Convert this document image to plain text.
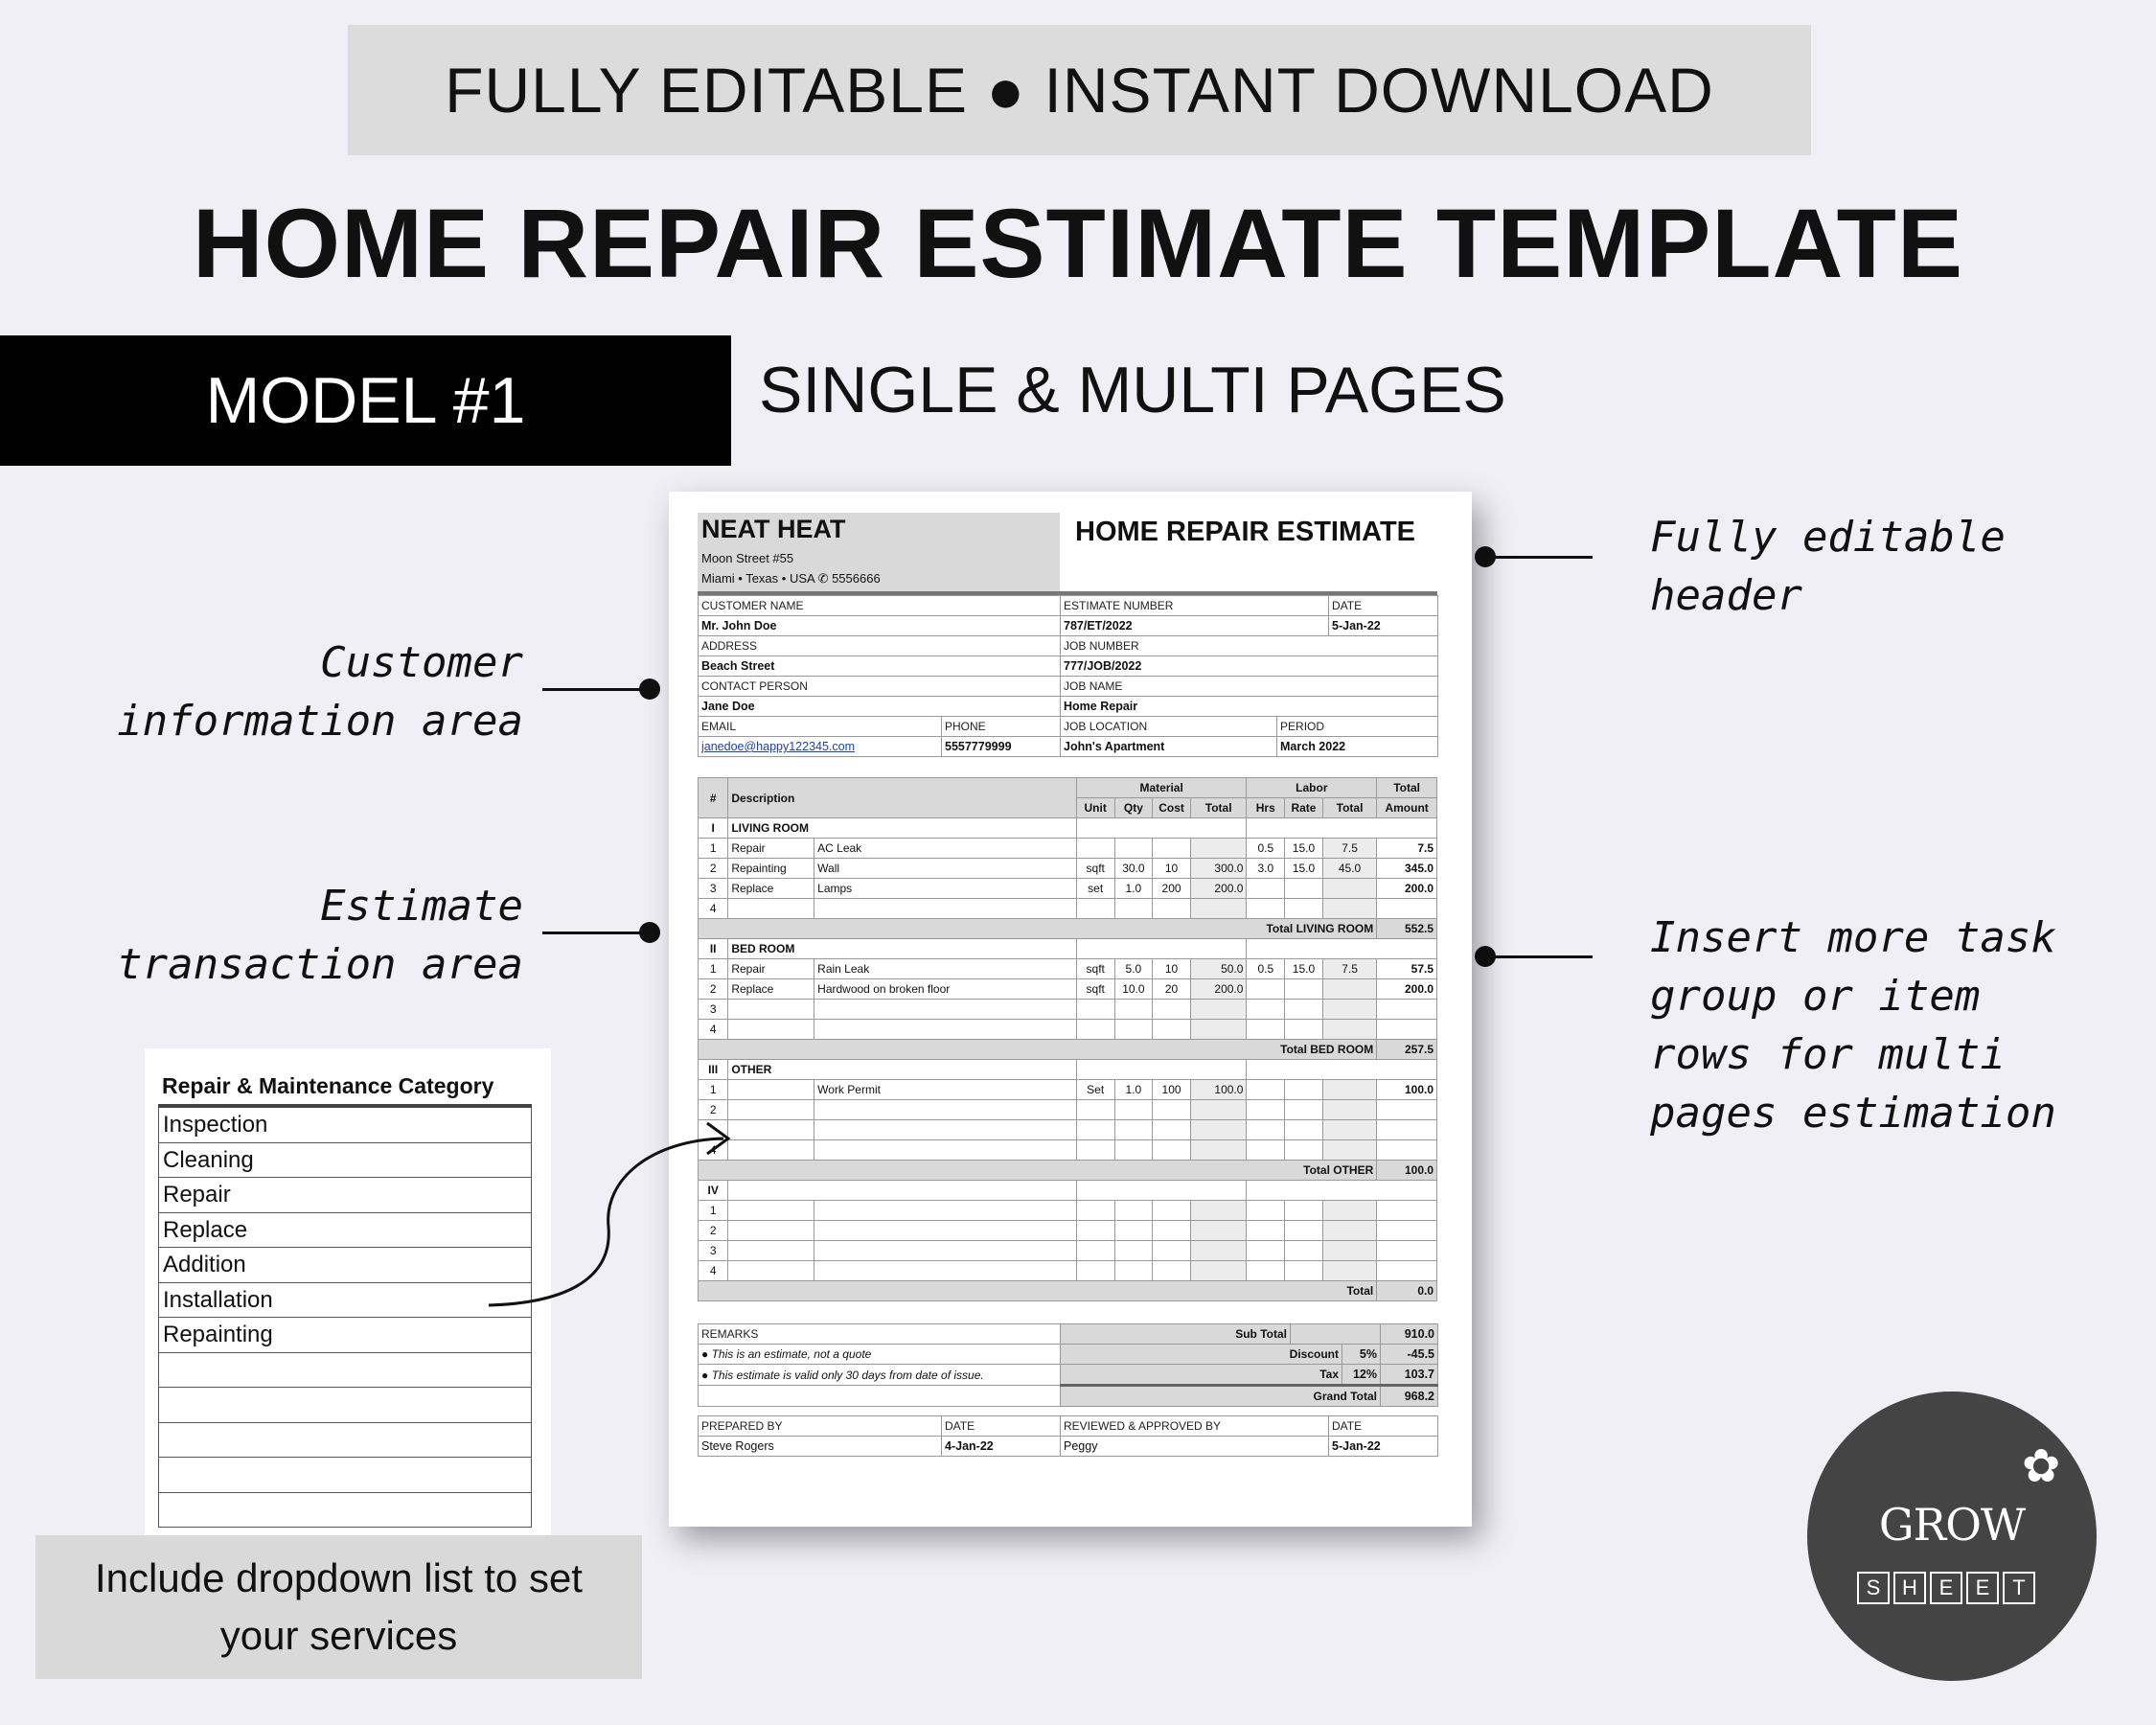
FULLY EDITABLE ● INSTANT DOWNLOAD
HOME REPAIR ESTIMATE TEMPLATE
MODEL #1	SINGLE & MULTI PAGES
Fully editable
header
Customer
information area
Estimate
transaction area
Insert more task
group or item
rows for multi
pages estimation
NEAT HEAT
Moon Street #55
Miami • Texas • USA ✆ 5556666
HOME REPAIR ESTIMATE
CUSTOMER NAME		ESTIMATE NUMBER		DATE
Mr. John Doe		787/ET/2022		5-Jan-22
ADDRESS		JOB NUMBER		
Beach Street		777/JOB/2022		
CONTACT PERSON		JOB NAME		
Jane Doe		Home Repair		
EMAIL	PHONE	JOB LOCATION	PERIOD	
janedoe@happy122345.com	5557779999	John's Apartment	March 2022	
#	Description		Material				Labor			Total
			Unit	Qty	Cost	Total	Hrs	Rate	Total	Amount
I	LIVING ROOM									
1	Repair	AC Leak					0.5	15.0	7.5	7.5
2	Repainting	Wall	sqft	30.0	10	300.0	3.0	15.0	45.0	345.0
3	Replace	Lamps	set	1.0	200	200.0				200.0
4										
Total LIVING ROOM										552.5
II	BED ROOM									
1	Repair	Rain Leak	sqft	5.0	10	50.0	0.5	15.0	7.5	57.5
2	Replace	Hardwood on broken floor	sqft	10.0	20	200.0				200.0
3										
4										
Total BED ROOM										257.5
III	OTHER									
1		Work Permit	Set	1.0	100	100.0				100.0
2										

4										
Total OTHER										100.0
IV										
1										
2										
3										
4										
Total										0.0
REMARKS	Sub Total			910.0
● This is an estimate, not a quote	Discount		5%	-45.5
● This estimate is valid only 30 days from date of issue.	Tax		12%	103.7
	Grand Total			968.2
PREPARED BY	DATE	REVIEWED & APPROVED BY	DATE
Steve Rogers	4-Jan-22	Peggy	5-Jan-22
Repair & Maintenance Category
Inspection
Cleaning
Repair
Replace
Addition
Installation
Repainting
Include dropdown list to set
your services
✿
GROW
S	H	E	E	T
